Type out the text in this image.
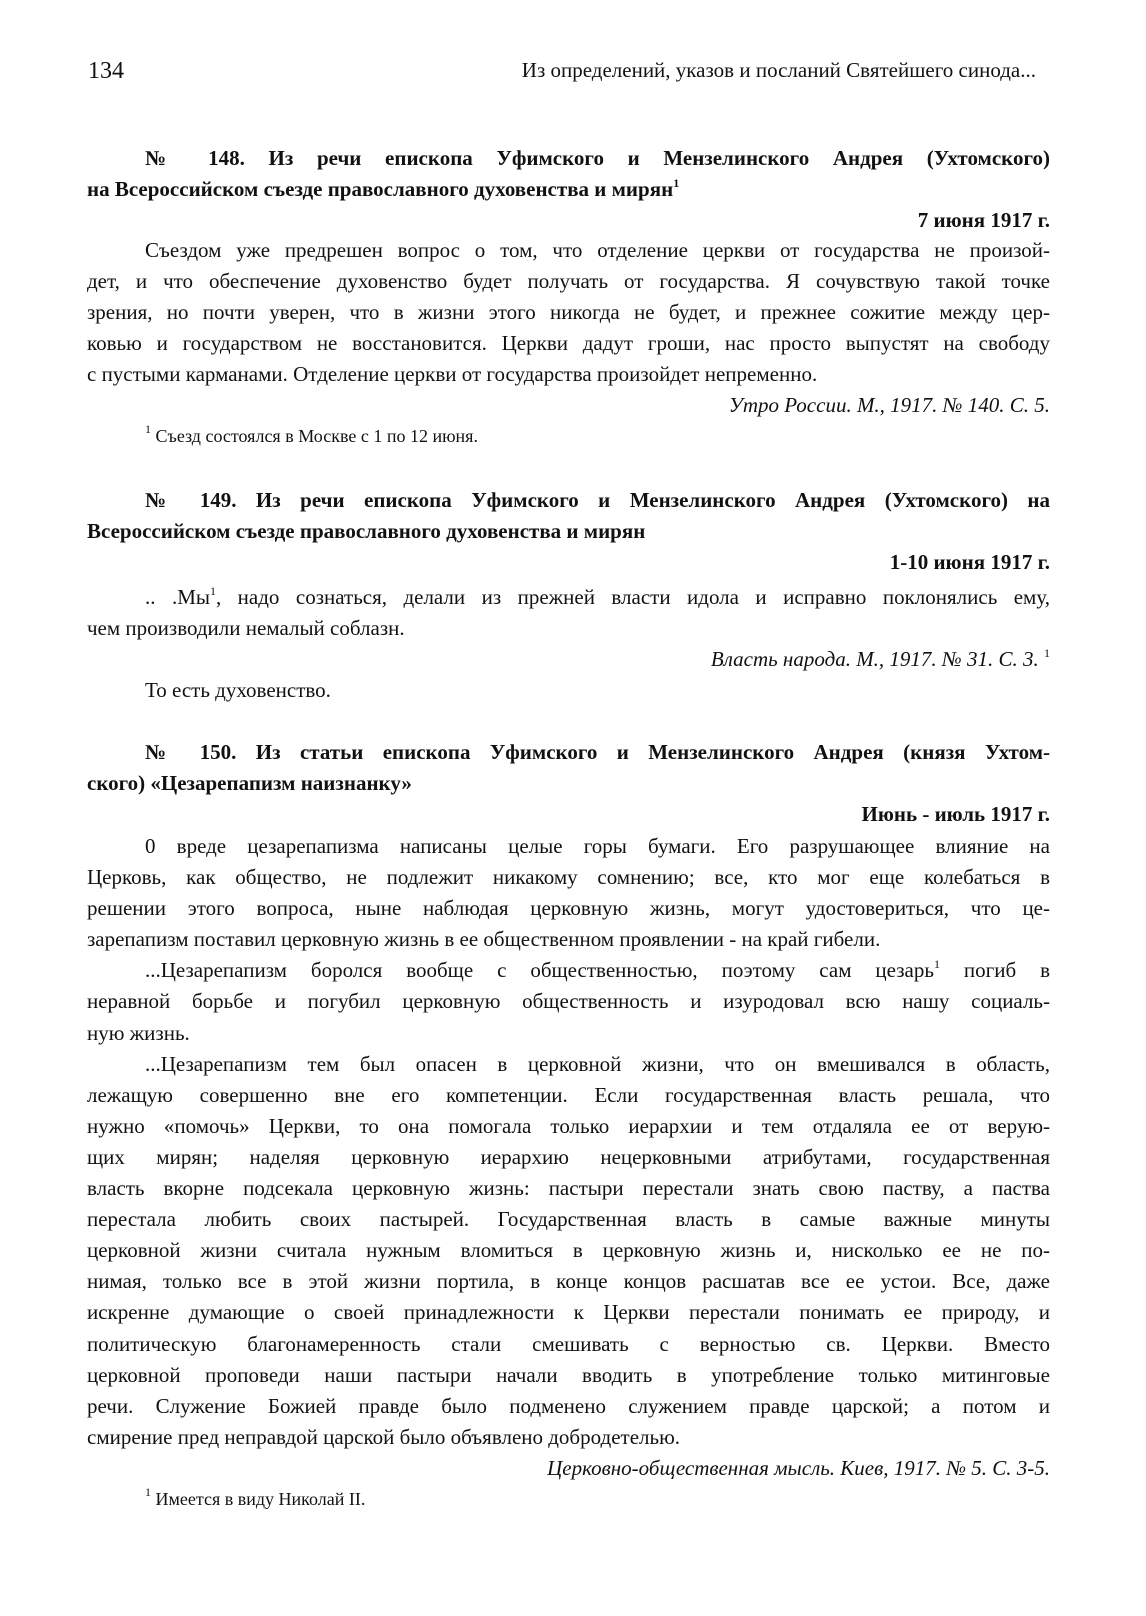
134	Из определений, указов и посланий Святейшего синода...
№ 148. Из речи епископа Уфимского и Мензелинского Андрея (Ухтомского)
на Всероссийском съезде православного духовенства и мирян$^1$
7 июня 1917 г.
Съездом уже предрешен вопрос о том, что отделение церкви от государства не произой-
дет, и что обеспечение духовенство будет получать от государства. Я сочувствую такой точке
зрения, но почти уверен, что в жизни этого никогда не будет, и прежнее сожитие между цер-
ковью и государством не восстановится. Церкви дадут гроши, нас просто выпустят на свободу
с пустыми карманами. Отделение церкви от государства произойдет непременно.
Утро России. М., 1917. № 140. С. 5.
$^1$ Съезд состоялся в Москве с 1 по 12 июня.
№ 149. Из речи епископа Уфимского и Мензелинского Андрея (Ухтомского) на
Всероссийском съезде православного духовенства и мирян
1-10 июня 1917 г.
.. $.Мы^1$, надо сознаться, делали из прежней власти идола и исправно поклонялись ему,
чем производили немалый соблазн.
Власть народа. М., 1917. № 31. С. 3. $^1$
То есть духовенство.
№ 150. Из статьи епископа Уфимского и Мензелинского Андрея (князя Ухтом-
ского) «Цезарепапизм наизнанку»
Июнь - июль 1917 г.
0 вреде цезарепапизма написаны целые горы бумаги. Его разрушающее влияние на
Церковь, как общество, не подлежит никакому сомнению; все, кто мог еще колебаться в
решении этого вопроса, ныне наблюдая церковную жизнь, могут удостовериться, что це-
зарепапизм поставил церковную жизнь в ее общественном проявлении - на край гибели.
...Цезарепапизм боролся вообще с общественностью, поэтому сам цезарь$^1$ погиб в
неравной борьбе и погубил церковную общественность и изуродовал всю нашу социаль-
ную жизнь.
...Цезарепапизм тем был опасен в церковной жизни, что он вмешивался в область,
лежащую совершенно вне его компетенции. Если государственная власть решала, что
нужно «помочь» Церкви, то она помогала только иерархии и тем отдаляла ее от верую-
щих мирян; наделяя церковную иерархию нецерковными атрибутами, государственная
власть вкорне подсекала церковную жизнь: пастыри перестали знать свою паству, а паства
перестала любить своих пастырей. Государственная власть в самые важные минуты
церковной жизни считала нужным вломиться в церковную жизнь и, нисколько ее не по-
нимая, только все в этой жизни портила, в конце концов расшатав все ее устои. Все, даже
искренне думающие о своей принадлежности к Церкви перестали понимать ее природу, и
политическую благонамеренность стали смешивать с верностью св. Церкви. Вместо
церковной проповеди наши пастыри начали вводить в употребление только митинговые
речи. Служение Божией правде было подменено служением правде царской; а потом и
смирение пред неправдой царской было объявлено добродетелью.
Церковно-общественная мысль. Киев, 1917. № 5. С. 3-5.
$^1$ Имеется в виду Николай II.
